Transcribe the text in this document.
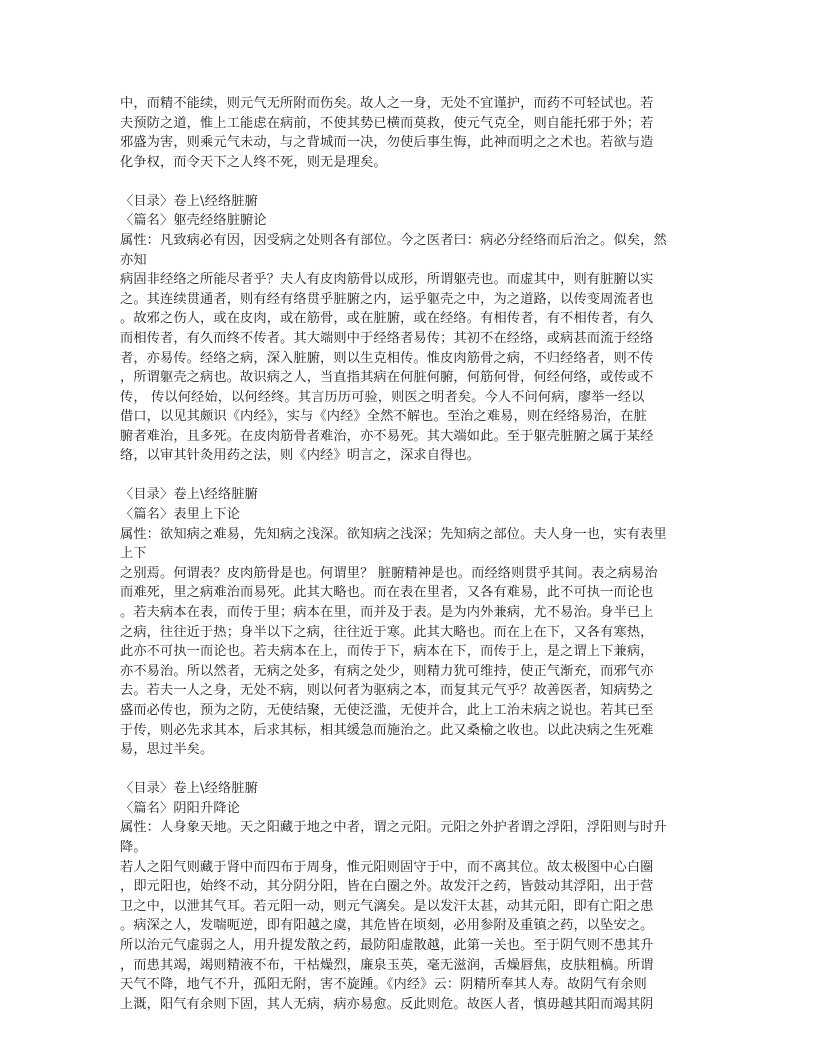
中，而精不能续，则元气无所附而伤矣。故人之一身，无处不宜谨护，而药不可轻试也。若
夫预防之道，惟上工能虑在病前，不使其势已横而莫救，使元气克全，则自能托邪于外；若
邪盛为害，则乘元气未动，与之背城而一决，勿使后事生悔，此神而明之之术也。若欲与造
化争权，而令天下之人终不死，则无是理矣。
〈目录〉卷上\经络脏腑
〈篇名〉躯壳经络脏腑论
属性：凡致病必有因，因受病之处则各有部位。今之医者曰：病必分经络而后治之。似矣，然
亦知
病固非经络之所能尽者乎？夫人有皮肉筋骨以成形，所谓躯壳也。而虚其中，则有脏腑以实
之。其连续贯通者，则有经有络贯乎脏腑之内，运乎躯壳之中，为之道路，以传变周流者也
。故邪之伤人，或在皮肉，或在筋骨，或在脏腑，或在经络。有相传者，有不相传者，有久
而相传者，有久而终不传者。其大端则中于经络者易传；其初不在经络，或病甚而流于经络
者，亦易传。经络之病，深入脏腑，则以生克相传。惟皮肉筋骨之病，不归经络者，则不传
，所谓躯壳之病也。故识病之人，当直指其病在何脏何腑，何筋何骨，何经何络，或传或不
传， 传以何经始，以何经终。其言历历可验，则医之明者矣。今人不问何病，廖举一经以
借口，以见其颇识《内经》，实与《内经》全然不解也。至治之难易，则在经络易治，在脏
腑者难治，且多死。在皮肉筋骨者难治，亦不易死。其大端如此。至于躯壳脏腑之属于某经
络，以审其针灸用药之法，则《内经》明言之，深求自得也。
〈目录〉卷上\经络脏腑
〈篇名〉表里上下论
属性：欲知病之难易，先知病之浅深。欲知病之浅深；先知病之部位。夫人身一也，实有表里
上下
之别焉。何谓表？皮肉筋骨是也。何谓里？ 脏腑精神是也。而经络则贯乎其间。表之病易治
而难死，里之病难治而易死。此其大略也。而在表在里者，又各有难易，此不可执一而论也
。若夫病本在表，而传于里；病本在里，而并及于表。是为内外兼病，尤不易治。身半已上
之病，往往近于热；身半以下之病，往往近于寒。此其大略也。而在上在下，又各有寒热，
此亦不可执一而论也。若夫病本在上，而传于下，病本在下，而传于上，是之谓上下兼病，
亦不易治。所以然者，无病之处多，有病之处少，则精力犹可维持，使正气渐充，而邪气亦
去。若夫一人之身，无处不病，则以何者为驱病之本，而复其元气乎？故善医者，知病势之
盛而必传也，预为之防，无使结聚，无使泛滥，无使并合，此上工治未病之说也。若其已至
于传，则必先求其本，后求其标，相其缓急而施治之。此又桑榆之收也。以此决病之生死难
易，思过半矣。
〈目录〉卷上\经络脏腑
〈篇名〉阴阳升降论
属性：人身象天地。天之阳藏于地之中者，谓之元阳。元阳之外护者谓之浮阳，浮阳则与时升
降。
若人之阳气则藏于肾中而四布于周身，惟元阳则固守于中，而不离其位。故太极图中心白圈
，即元阳也，始终不动，其分阴分阳，皆在白圈之外。故发汗之药，皆鼓动其浮阳，出于营
卫之中，以泄其气耳。若元阳一动，则元气漓矣。是以发汗太甚，动其元阳，即有亡阳之患
。病深之人，发喘呃逆，即有阳越之虞，其危皆在顷刻，必用参附及重镇之药，以坠安之。
所以治元气虚弱之人，用升提发散之药，最防阳虚散越，此第一关也。至于阴气则不患其升
，而患其竭，竭则精液不布，干枯燥烈，廉泉玉英，毫无滋润，舌燥唇焦，皮肤粗槁。所谓
天气不降，地气不升，孤阳无附，害不旋踵。《内经》云：阴精所奉其人寿。故阴气有余则
上溉，阳气有余则下固，其人无病，病亦易愈。反此则危。故医人者，慎毋越其阳而竭其阴
